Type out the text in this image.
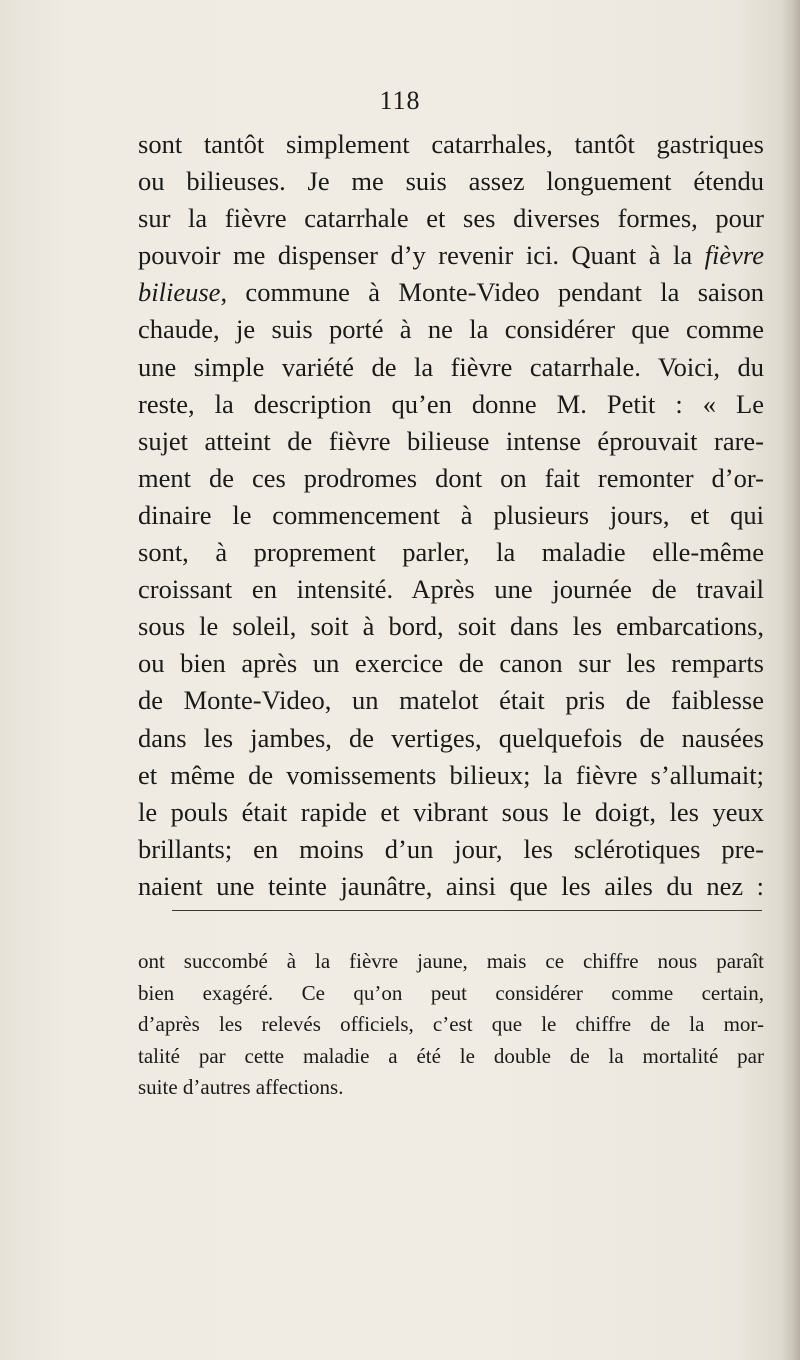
118
sont tantôt simplement catarrhales, tantôt gastriques
ou bilieuses. Je me suis assez longuement étendu
sur la fièvre catarrhale et ses diverses formes, pour
pouvoir me dispenser d’y revenir ici. Quant à la fièvre
bilieuse, commune à Monte-Video pendant la saison
chaude, je suis porté à ne la considérer que comme
une simple variété de la fièvre catarrhale. Voici, du
reste, la description qu’en donne M. Petit : « Le
sujet atteint de fièvre bilieuse intense éprouvait rare-
ment de ces prodromes dont on fait remonter d’or-
dinaire le commencement à plusieurs jours, et qui
sont, à proprement parler, la maladie elle-même
croissant en intensité. Après une journée de travail
sous le soleil, soit à bord, soit dans les embarcations,
ou bien après un exercice de canon sur les remparts
de Monte-Video, un matelot était pris de faiblesse
dans les jambes, de vertiges, quelquefois de nausées
et même de vomissements bilieux; la fièvre s’allumait;
le pouls était rapide et vibrant sous le doigt, les yeux
brillants; en moins d’un jour, les sclérotiques pre-
naient une teinte jaunâtre, ainsi que les ailes du nez :
ont succombé à la fièvre jaune, mais ce chiffre nous paraît
bien exagéré. Ce qu’on peut considérer comme certain,
d’après les relevés officiels, c’est que le chiffre de la mor-
talité par cette maladie a été le double de la mortalité par
suite d’autres affections.
